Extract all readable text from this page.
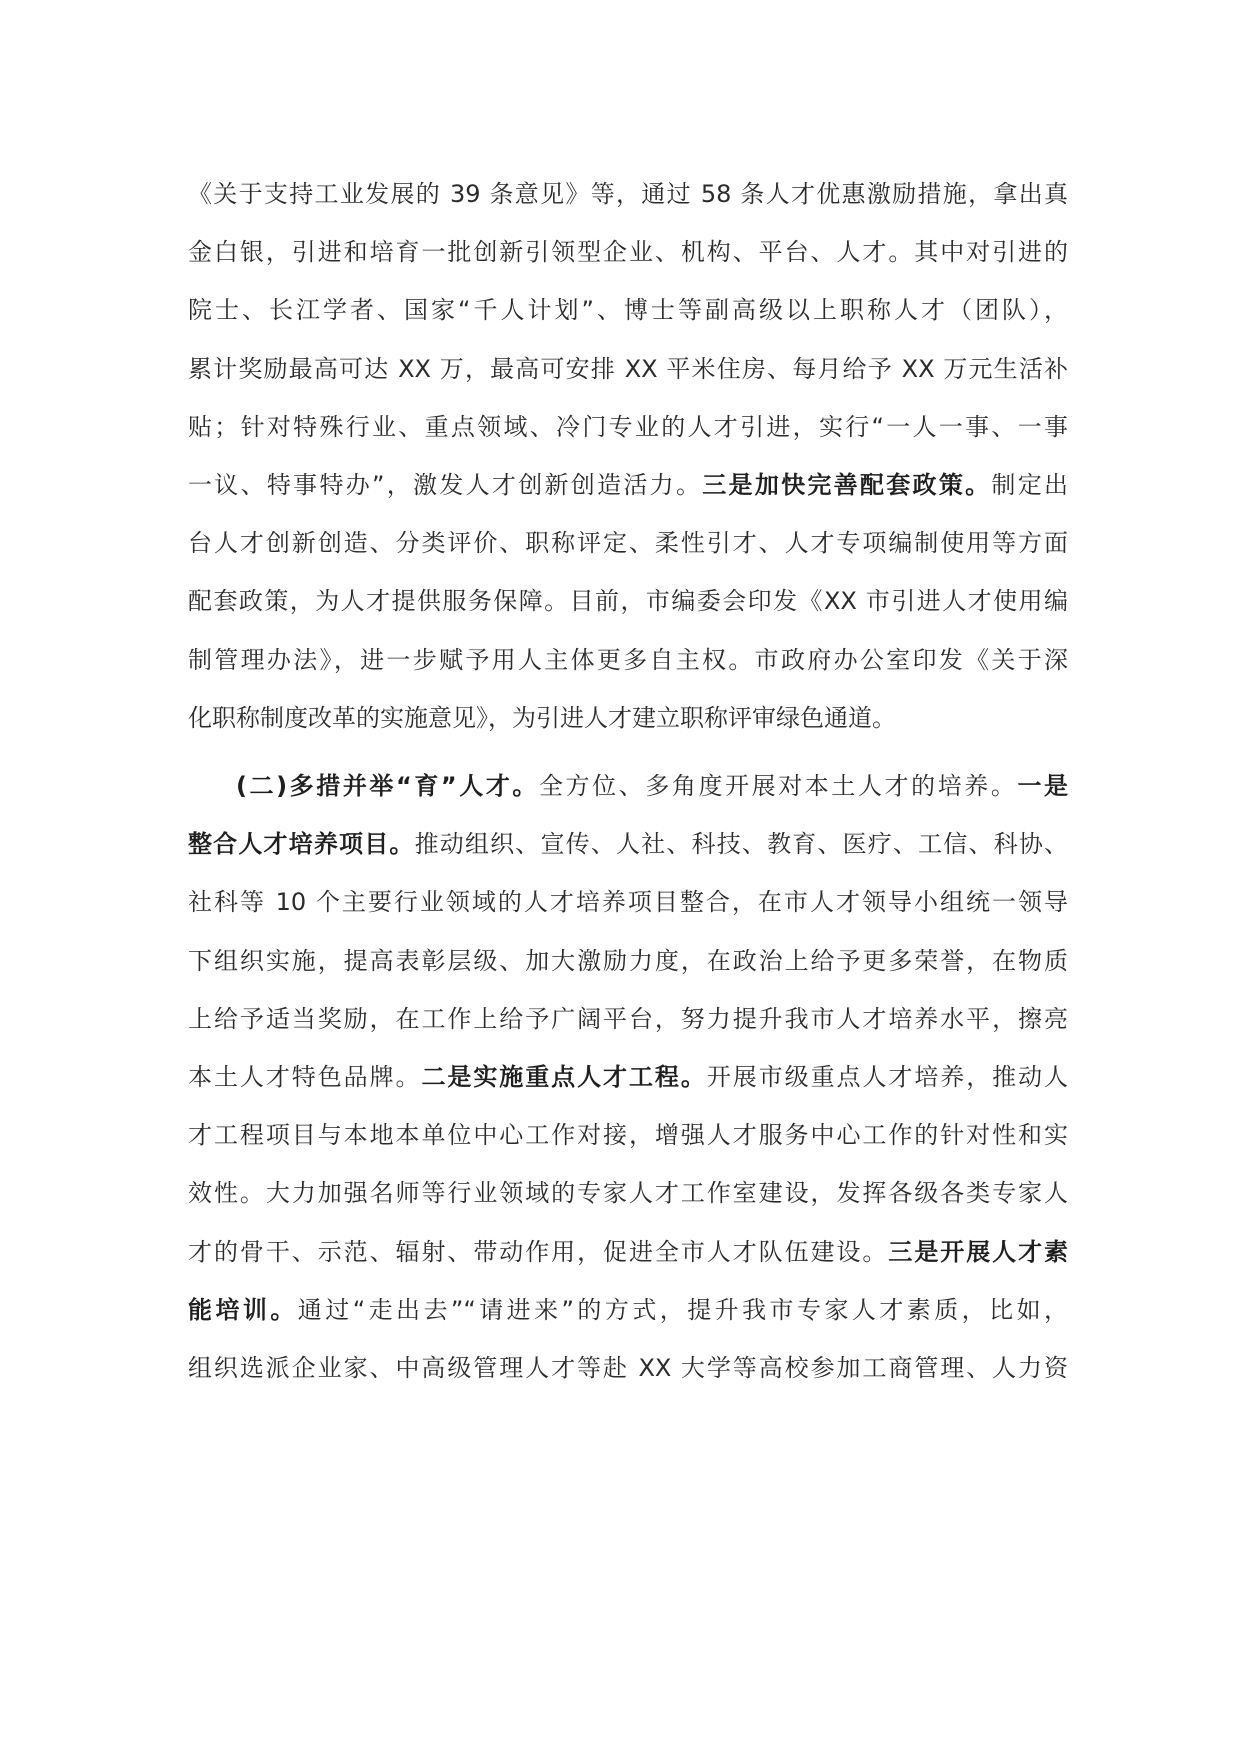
《关于支持工业发展的 39 条意见》等，通过 58 条人才优惠激励措施，拿出真
金白银，引进和培育一批创新引领型企业、机构、平台、人才。其中对引进的
院士、长江学者、国家“千人计划”、博士等副高级以上职称人才（团队），
累计奖励最高可达 XX 万，最高可安排 XX 平米住房、每月给予 XX 万元生活补
贴；针对特殊行业、重点领域、冷门专业的人才引进，实行“一人一事、一事
一议、特事特办”，激发人才创新创造活力。三是加快完善配套政策。制定出
台人才创新创造、分类评价、职称评定、柔性引才、人才专项编制使用等方面
配套政策，为人才提供服务保障。目前，市编委会印发《XX 市引进人才使用编
制管理办法》，进一步赋予用人主体更多自主权。市政府办公室印发《关于深
化职称制度改革的实施意见》，为引进人才建立职称评审绿色通道。
(二)多措并举“育”人才。全方位、多角度开展对本土人才的培养。一是
整合人才培养项目。推动组织、宣传、人社、科技、教育、医疗、工信、科协、
社科等 10 个主要行业领域的人才培养项目整合，在市人才领导小组统一领导
下组织实施，提高表彰层级、加大激励力度，在政治上给予更多荣誉，在物质
上给予适当奖励，在工作上给予广阔平台，努力提升我市人才培养水平，擦亮
本土人才特色品牌。二是实施重点人才工程。开展市级重点人才培养，推动人
才工程项目与本地本单位中心工作对接，增强人才服务中心工作的针对性和实
效性。大力加强名师等行业领域的专家人才工作室建设，发挥各级各类专家人
才的骨干、示范、辐射、带动作用，促进全市人才队伍建设。三是开展人才素
能培训。通过“走出去”“请进来”的方式，提升我市专家人才素质，比如，
组织选派企业家、中高级管理人才等赴 XX 大学等高校参加工商管理、人力资
